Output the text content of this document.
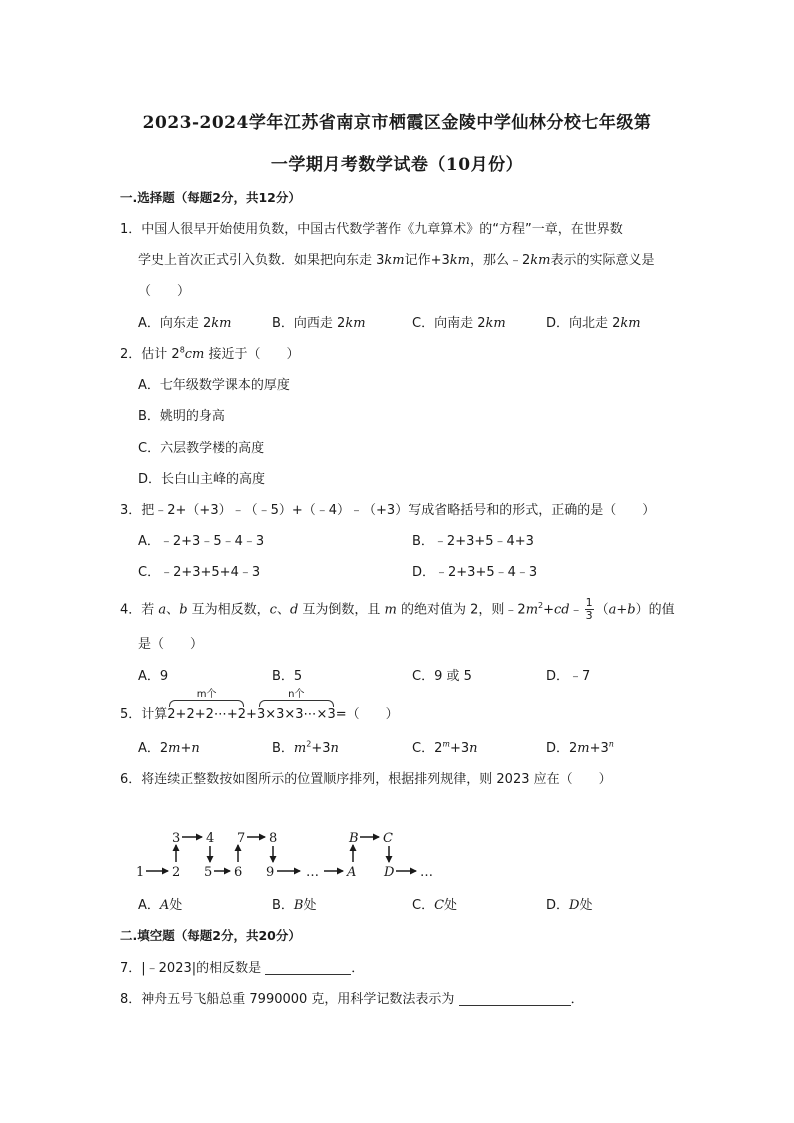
2023-2024学年江苏省南京市栖霞区金陵中学仙林分校七年级第
一学期月考数学试卷（10月份）
一.选择题（每题2分，共12分）
1．中国人很早开始使用负数，中国古代数学著作《九章算术》的“方程”一章，在世界数
学史上首次正式引入负数．如果把向东走 3km记作+3km，那么﹣2km表示的实际意义是
（　　）
A．向东走 2km	B．向西走 2km	C．向南走 2km	D．向北走 2km
2．估计 $2^8cm$ 接近于（　　）
A．七年级数学课本的厚度
B．姚明的身高
C．六层教学楼的高度
D．长白山主峰的高度
3．把﹣2+（+3）﹣（﹣5）+（﹣4）﹣（+3）写成省略括号和的形式，正确的是（　　）
A．﹣2+3﹣5﹣4﹣3	B．﹣2+3+5﹣4+3
C．﹣2+3+5+4﹣3	D．﹣2+3+5﹣4﹣3
4．若 a、b 互为相反数，c、d 互为倒数，且 m 的绝对值为 2，则$﹣2m^2+cd﹣ \frac{1}{3} (a+b)$的值
是（　　）
A．9	B．5	C．9 或 5	D．﹣7
5．计算
m个
2+2+2⋯+2 +
n个
3×3×3⋯×3 =（　　）
A．2m+n	B．$m^2+3n$	C．$2^m+3n$	D．$2m+3^n$
6．将连续正整数按如图所示的位置顺序排列，根据排列规律，则 2023 应在（　　）
1 2 5 6 9 … A D …
3 4 7 8	B C
A．A处	B．B处	C．C处	D．D处
二.填空题（每题2分，共20分）
7．|﹣2023|的相反数是	．
8．神舟五号飞船总重 7990000 克，用科学记数法表示为	．
